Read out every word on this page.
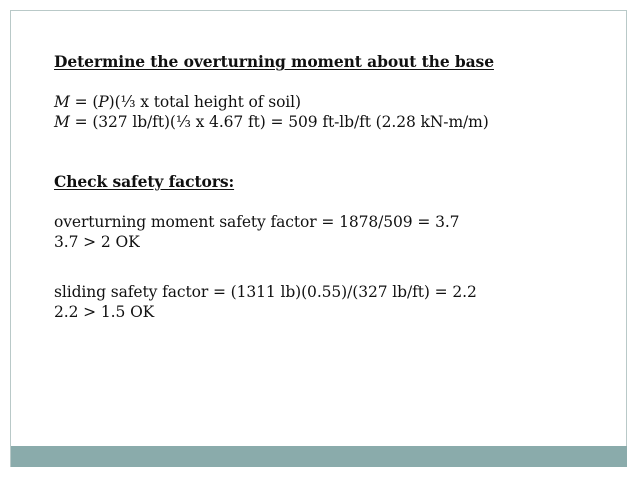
Determine the overturning moment about the base

M = (P)(⅓ x total height of soil)

M = (327 lb/ft)(⅓ x 4.67 ft) = 509 ft-lb/ft (2.28 kN-m/m)

Check safety factors:

overturning moment safety factor = 1878/509 = 3.7

3.7 > 2 OK

sliding safety factor = (1311 lb)(0.55)/(327 lb/ft) = 2.2

2.2 > 1.5 OK
